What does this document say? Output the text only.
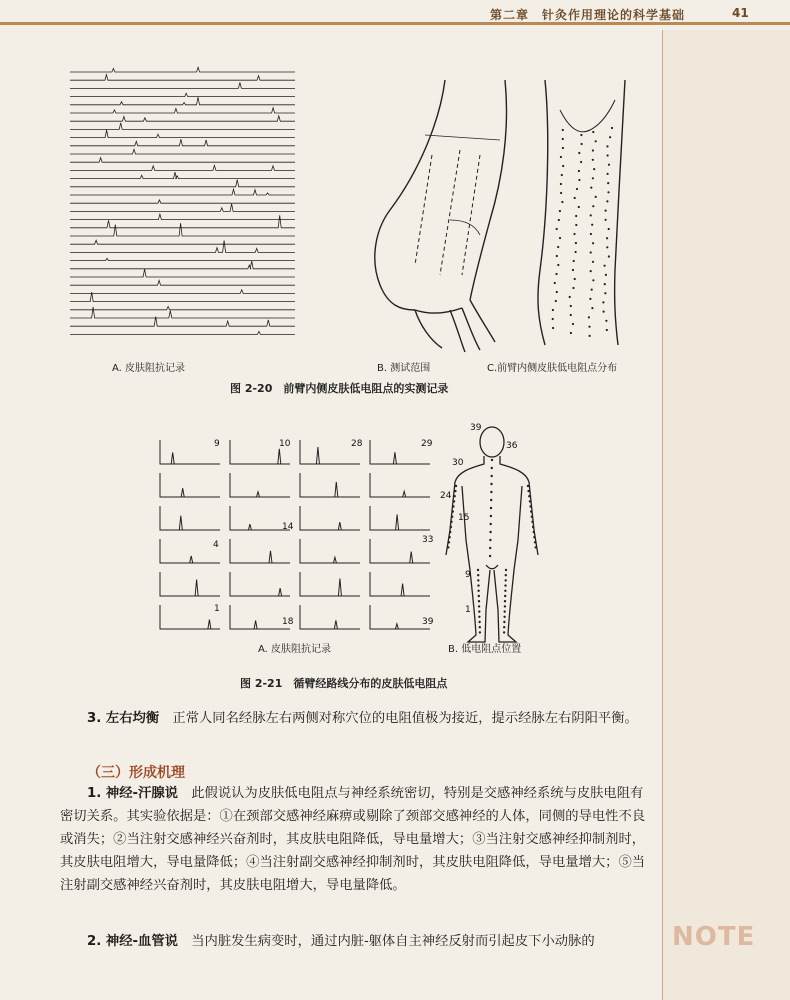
第二章　针灸作用理论的科学基础	41
A. 皮肤阻抗记录	B. 测试范围	C.前臂内侧皮肤低电阻点分布
图 2-20　前臂内侧皮肤低电阻点的实测记录
9	10	28	29
14
33
4
18
1
39
39
36
30
24
15
9
1
A. 皮肤阻抗记录	B. 低电阻点位置
图 2-21　循臂经路线分布的皮肤低电阻点
3. 左右均衡　 正常人同名经脉左右两侧对称穴位的电阻值极为接近，提示经脉左右阴阳平衡。
（三）形成机理
1. 神经-汗腺说　 此假说认为皮肤低电阻点与神经系统密切，特别是交感神经系统与皮肤电阻有密切关系。其实验依据是：①在颈部交感神经麻痹或剔除了颈部交感神经的人体，同侧的导电性不良或消失；②当注射交感神经兴奋剂时，其皮肤电阻降低，导电量增大；③当注射交感神经抑制剂时，其皮肤电阻增大，导电量降低；④当注射副交感神经抑制剂时，其皮肤电阻降低，导电量增大；⑤当注射副交感神经兴奋剂时，其皮肤电阻增大，导电量降低。
2. 神经-血管说　 当内脏发生病变时，通过内脏-躯体自主神经反射而引起皮下小动脉的	NOTE
